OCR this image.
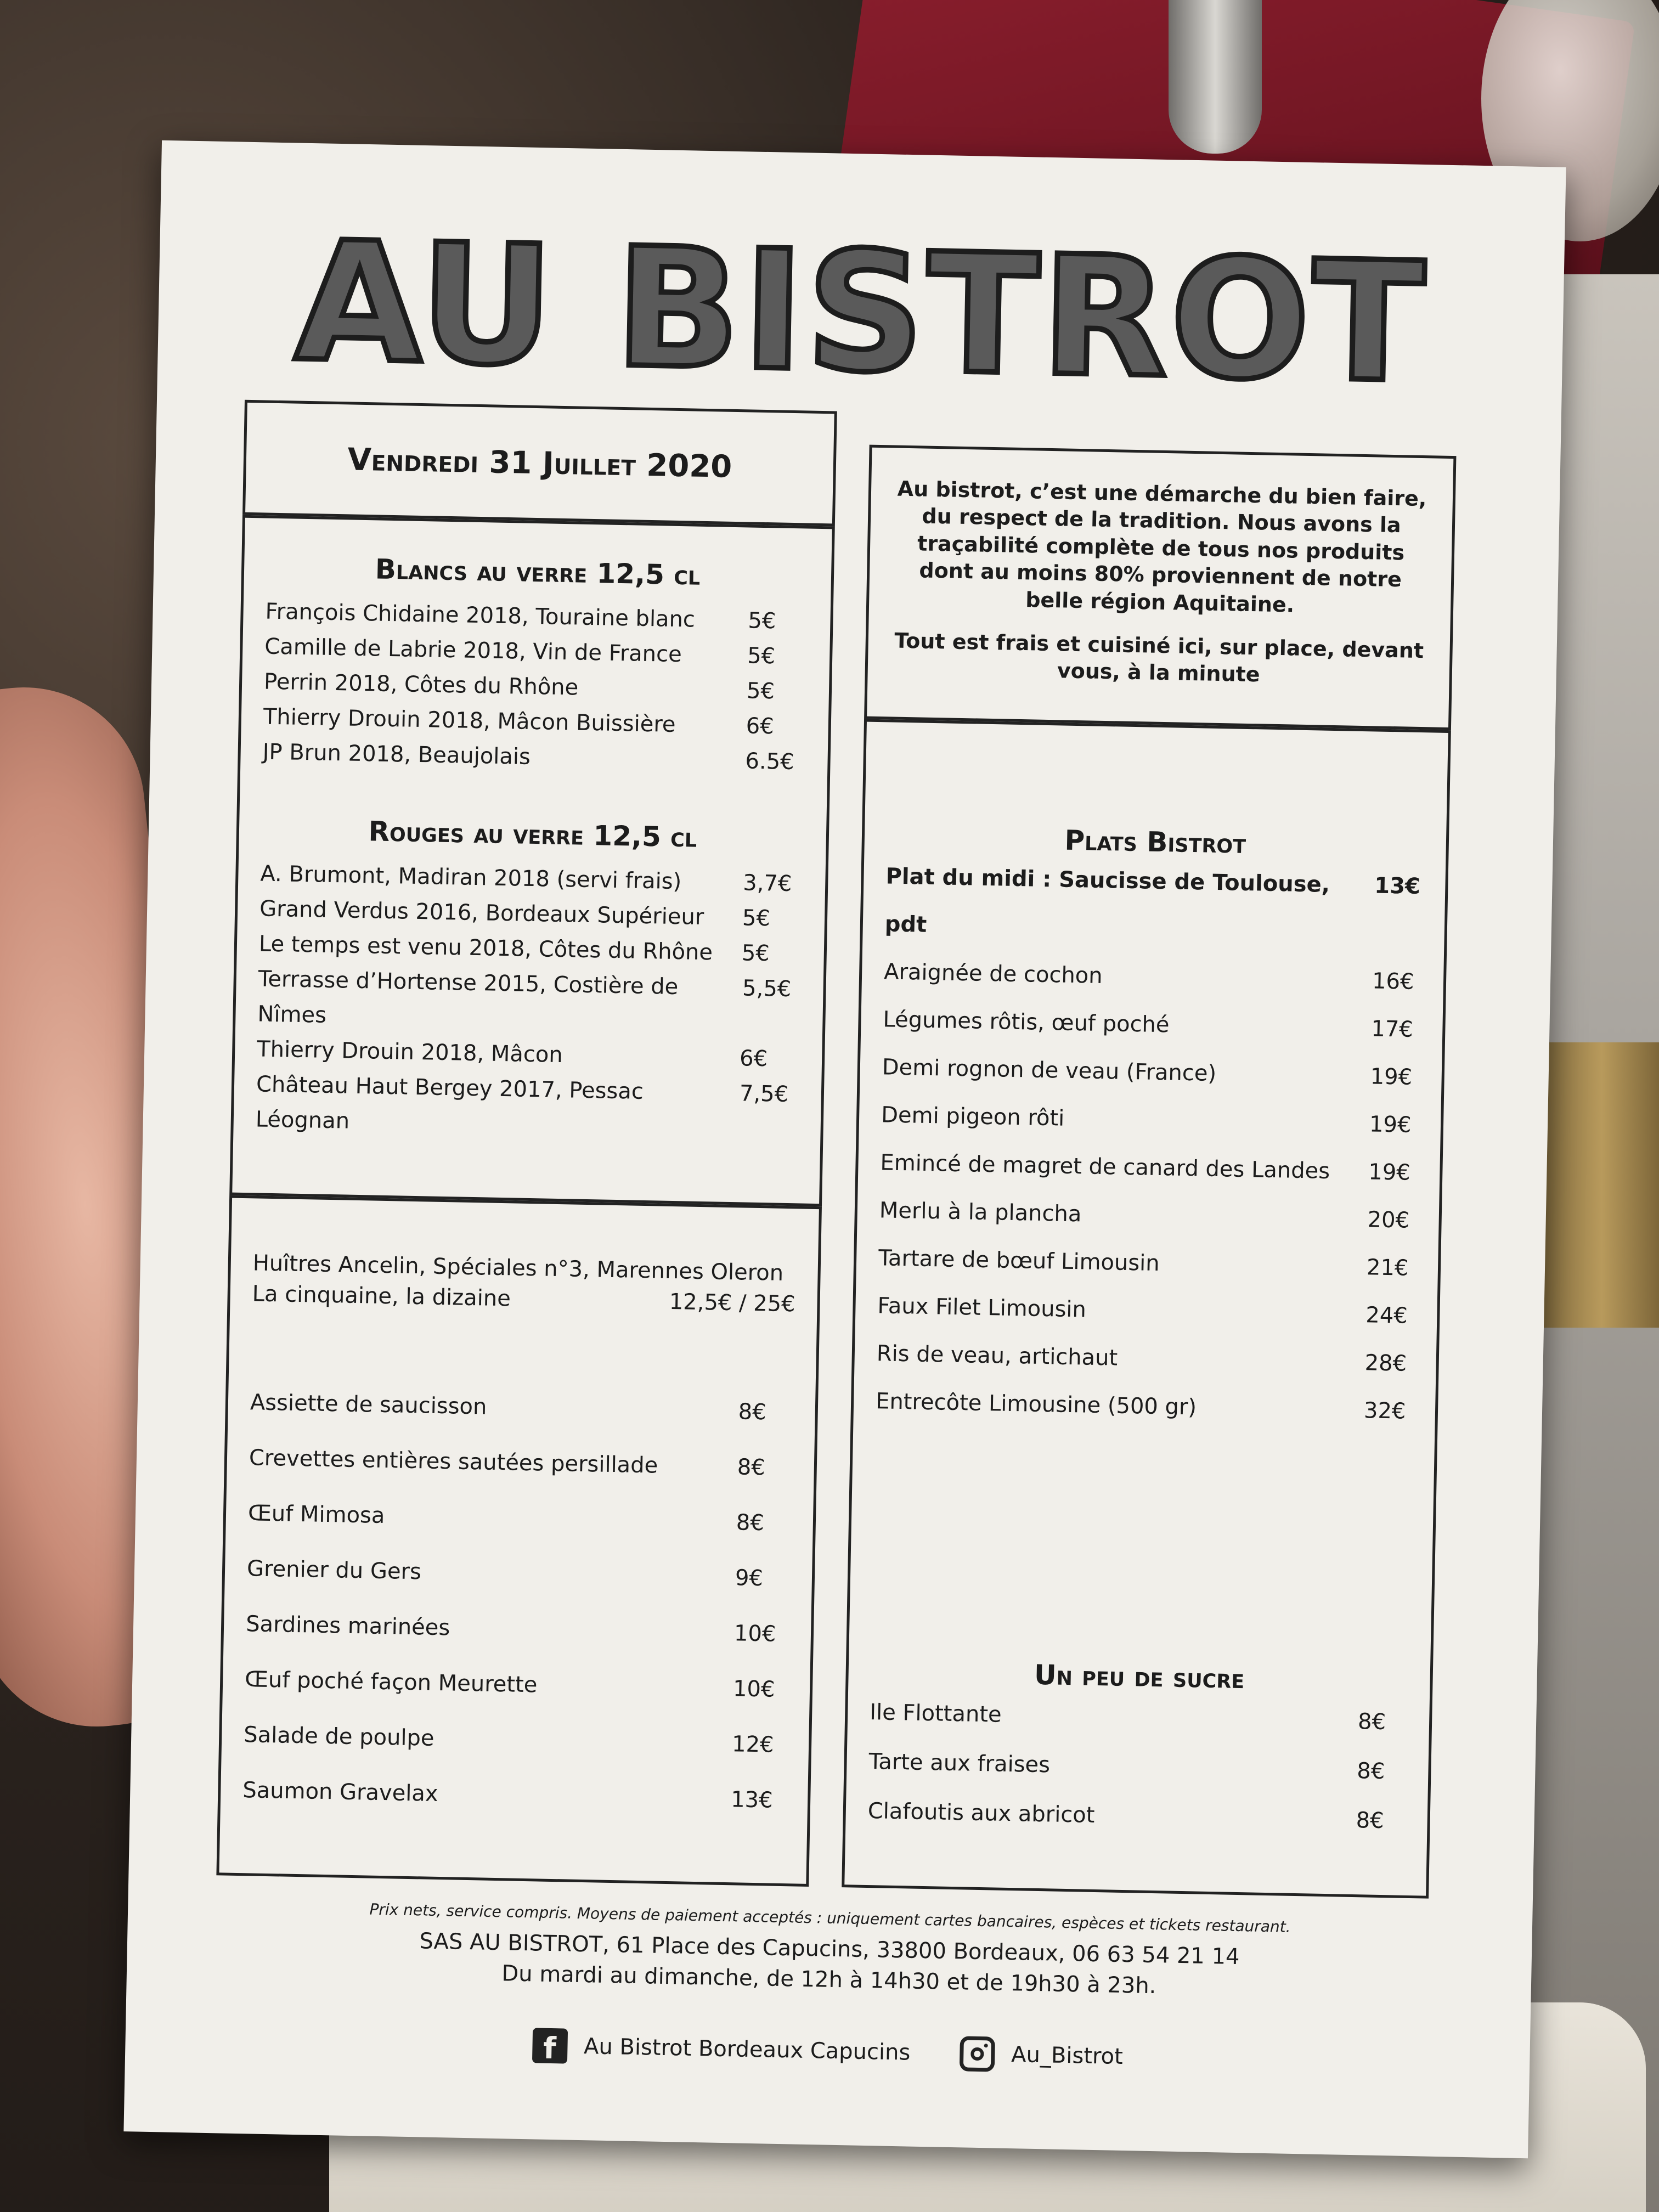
AU BISTROT
Vendredi 31 Juillet 2020

Au bistrot, c’est une démarche du bien faire, du respect de la tradition. Nous avons la traçabilité complète de tous nos produits dont au moins 80% proviennent de notre belle région Aquitaine.

Tout est frais et cuisiné ici, sur place, devant vous, à la minute

Blancs au verre 12,5 cl
François Chidaine 2018, Touraine blanc 5€
Camille de Labrie 2018, Vin de France	5€
Perrin 2018, Côtes du Rhône	5€
Thierry Drouin 2018, Mâcon Buissière	6€
JP Brun 2018, Beaujolais	6.5€
Rouges au verre 12,5 cl
A. Brumont, Madiran 2018 (servi frais)	3,7€
Grand Verdus 2016, Bordeaux Supérieur 5€
Le temps est venu 2018, Côtes du Rhône 5€
Terrasse d’Hortense 2015, Costière de Nîmes
5,5€
Thierry Drouin 2018, Mâcon	6€
Château Haut Bergey 2017, Pessac Léognan
7,5€
Huîtres Ancelin, Spéciales n°3, Marennes Oleron
La cinquaine, la dizaine	12,5€ / 25€
Assiette de saucisson	8€
Crevettes entières sautées persillade	8€
Œuf Mimosa	8€
Grenier du Gers	9€
Sardines marinées	10€
Œuf poché façon Meurette	10€
Salade de poulpe	12€
Saumon Gravelax	13€
Plats Bistrot
Plat du midi : Saucisse de Toulouse, pdt
13€
Araignée de cochon	16€
Légumes rôtis, œuf poché	17€
Demi rognon de veau (France)	19€
Demi pigeon rôti	19€
Emincé de magret de canard des Landes 19€
Merlu à la plancha	20€
Tartare de bœuf Limousin	21€
Faux Filet Limousin	24€
Ris de veau, artichaut	28€
Entrecôte Limousine (500 gr)	32€
Un peu de sucre
Ile Flottante	8€
Tarte aux fraises	8€
Clafoutis aux abricot	8€

Prix nets, service compris. Moyens de paiement acceptés : uniquement cartes bancaires, espèces et tickets restaurant.

SAS AU BISTROT, 61 Place des Capucins, 33800 Bordeaux, 06 63 54 21 14

Du mardi au dimanche, de 12h à 14h30 et de 19h30 à 23h.

f	Au Bistrot Bordeaux Capucins	Au_Bistrot
